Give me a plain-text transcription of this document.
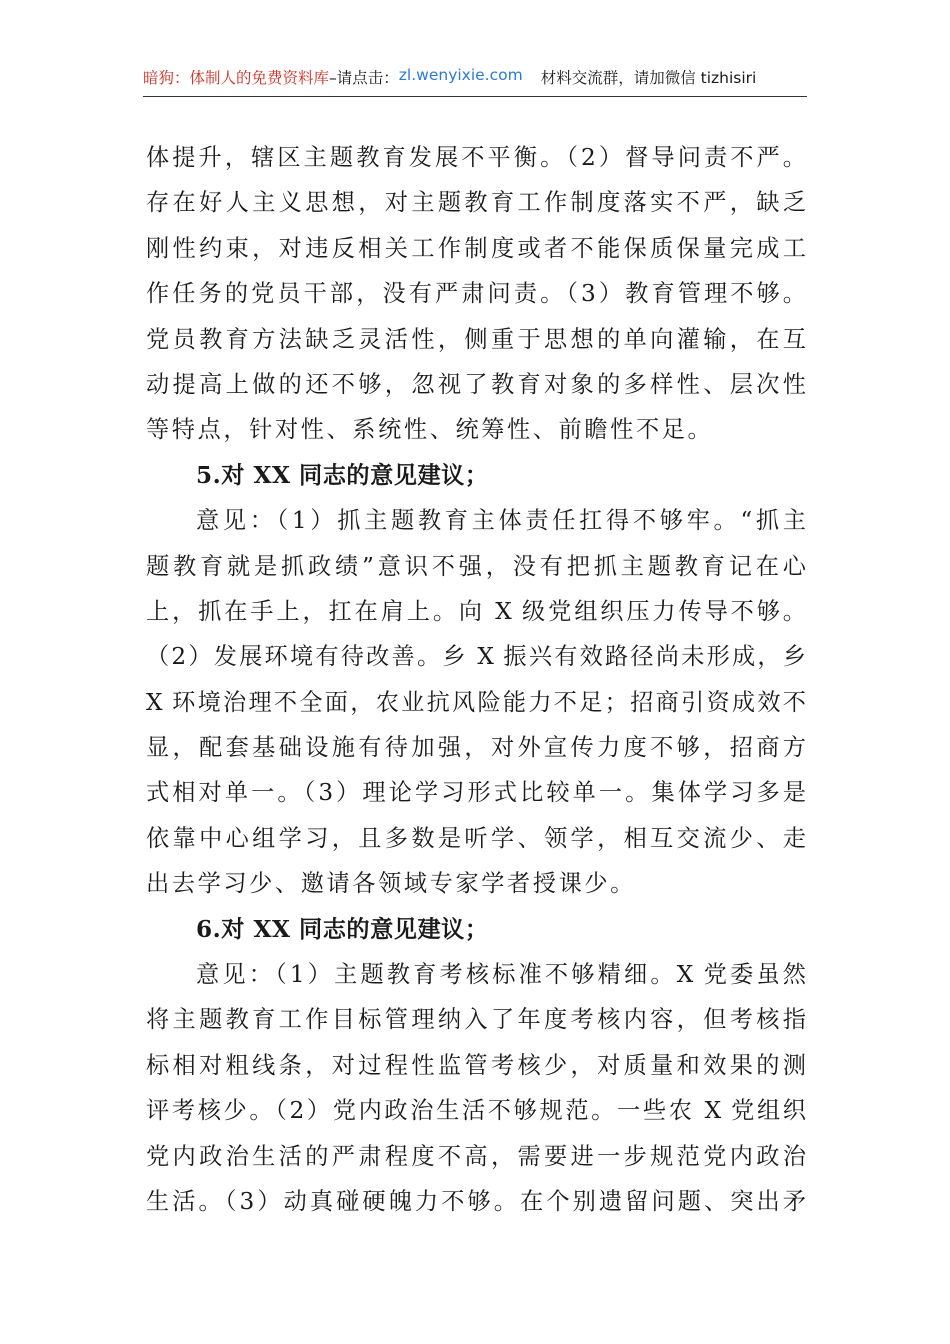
暗狗：体制人的免费资料库 –请点击： zl.wenyixie.com 材料交流群，请加微信 tizhisiri
体提升，辖区主题教育发展不平衡。（2）督导问责不严。
存在好人主义思想，对主题教育工作制度落实不严，缺乏
刚性约束，对违反相关工作制度或者不能保质保量完成工
作任务的党员干部，没有严肃问责。（3）教育管理不够。
党员教育方法缺乏灵活性，侧重于思想的单向灌输，在互
动提高上做的还不够，忽视了教育对象的多样性、层次性
等特点，针对性、系统性、统筹性、前瞻性不足。
5.对 XX 同志的意见建议；
意见：（1）抓主题教育主体责任扛得不够牢。“抓主
题教育就是抓政绩”意识不强，没有把抓主题教育记在心
上，抓在手上，扛在肩上。向 X 级党组织压力传导不够。
（2）发展环境有待改善。乡 X 振兴有效路径尚未形成，乡
X 环境治理不全面，农业抗风险能力不足；招商引资成效不
显，配套基础设施有待加强，对外宣传力度不够，招商方
式相对单一。（3）理论学习形式比较单一。集体学习多是
依靠中心组学习，且多数是听学、领学，相互交流少、走
出去学习少、邀请各领域专家学者授课少。
6.对 XX 同志的意见建议；
意见：（1）主题教育考核标准不够精细。X 党委虽然
将主题教育工作目标管理纳入了年度考核内容，但考核指
标相对粗线条，对过程性监管考核少，对质量和效果的测
评考核少。（2）党内政治生活不够规范。一些农 X 党组织
党内政治生活的严肃程度不高，需要进一步规范党内政治
生活。（3）动真碰硬魄力不够。在个别遗留问题、突出矛
